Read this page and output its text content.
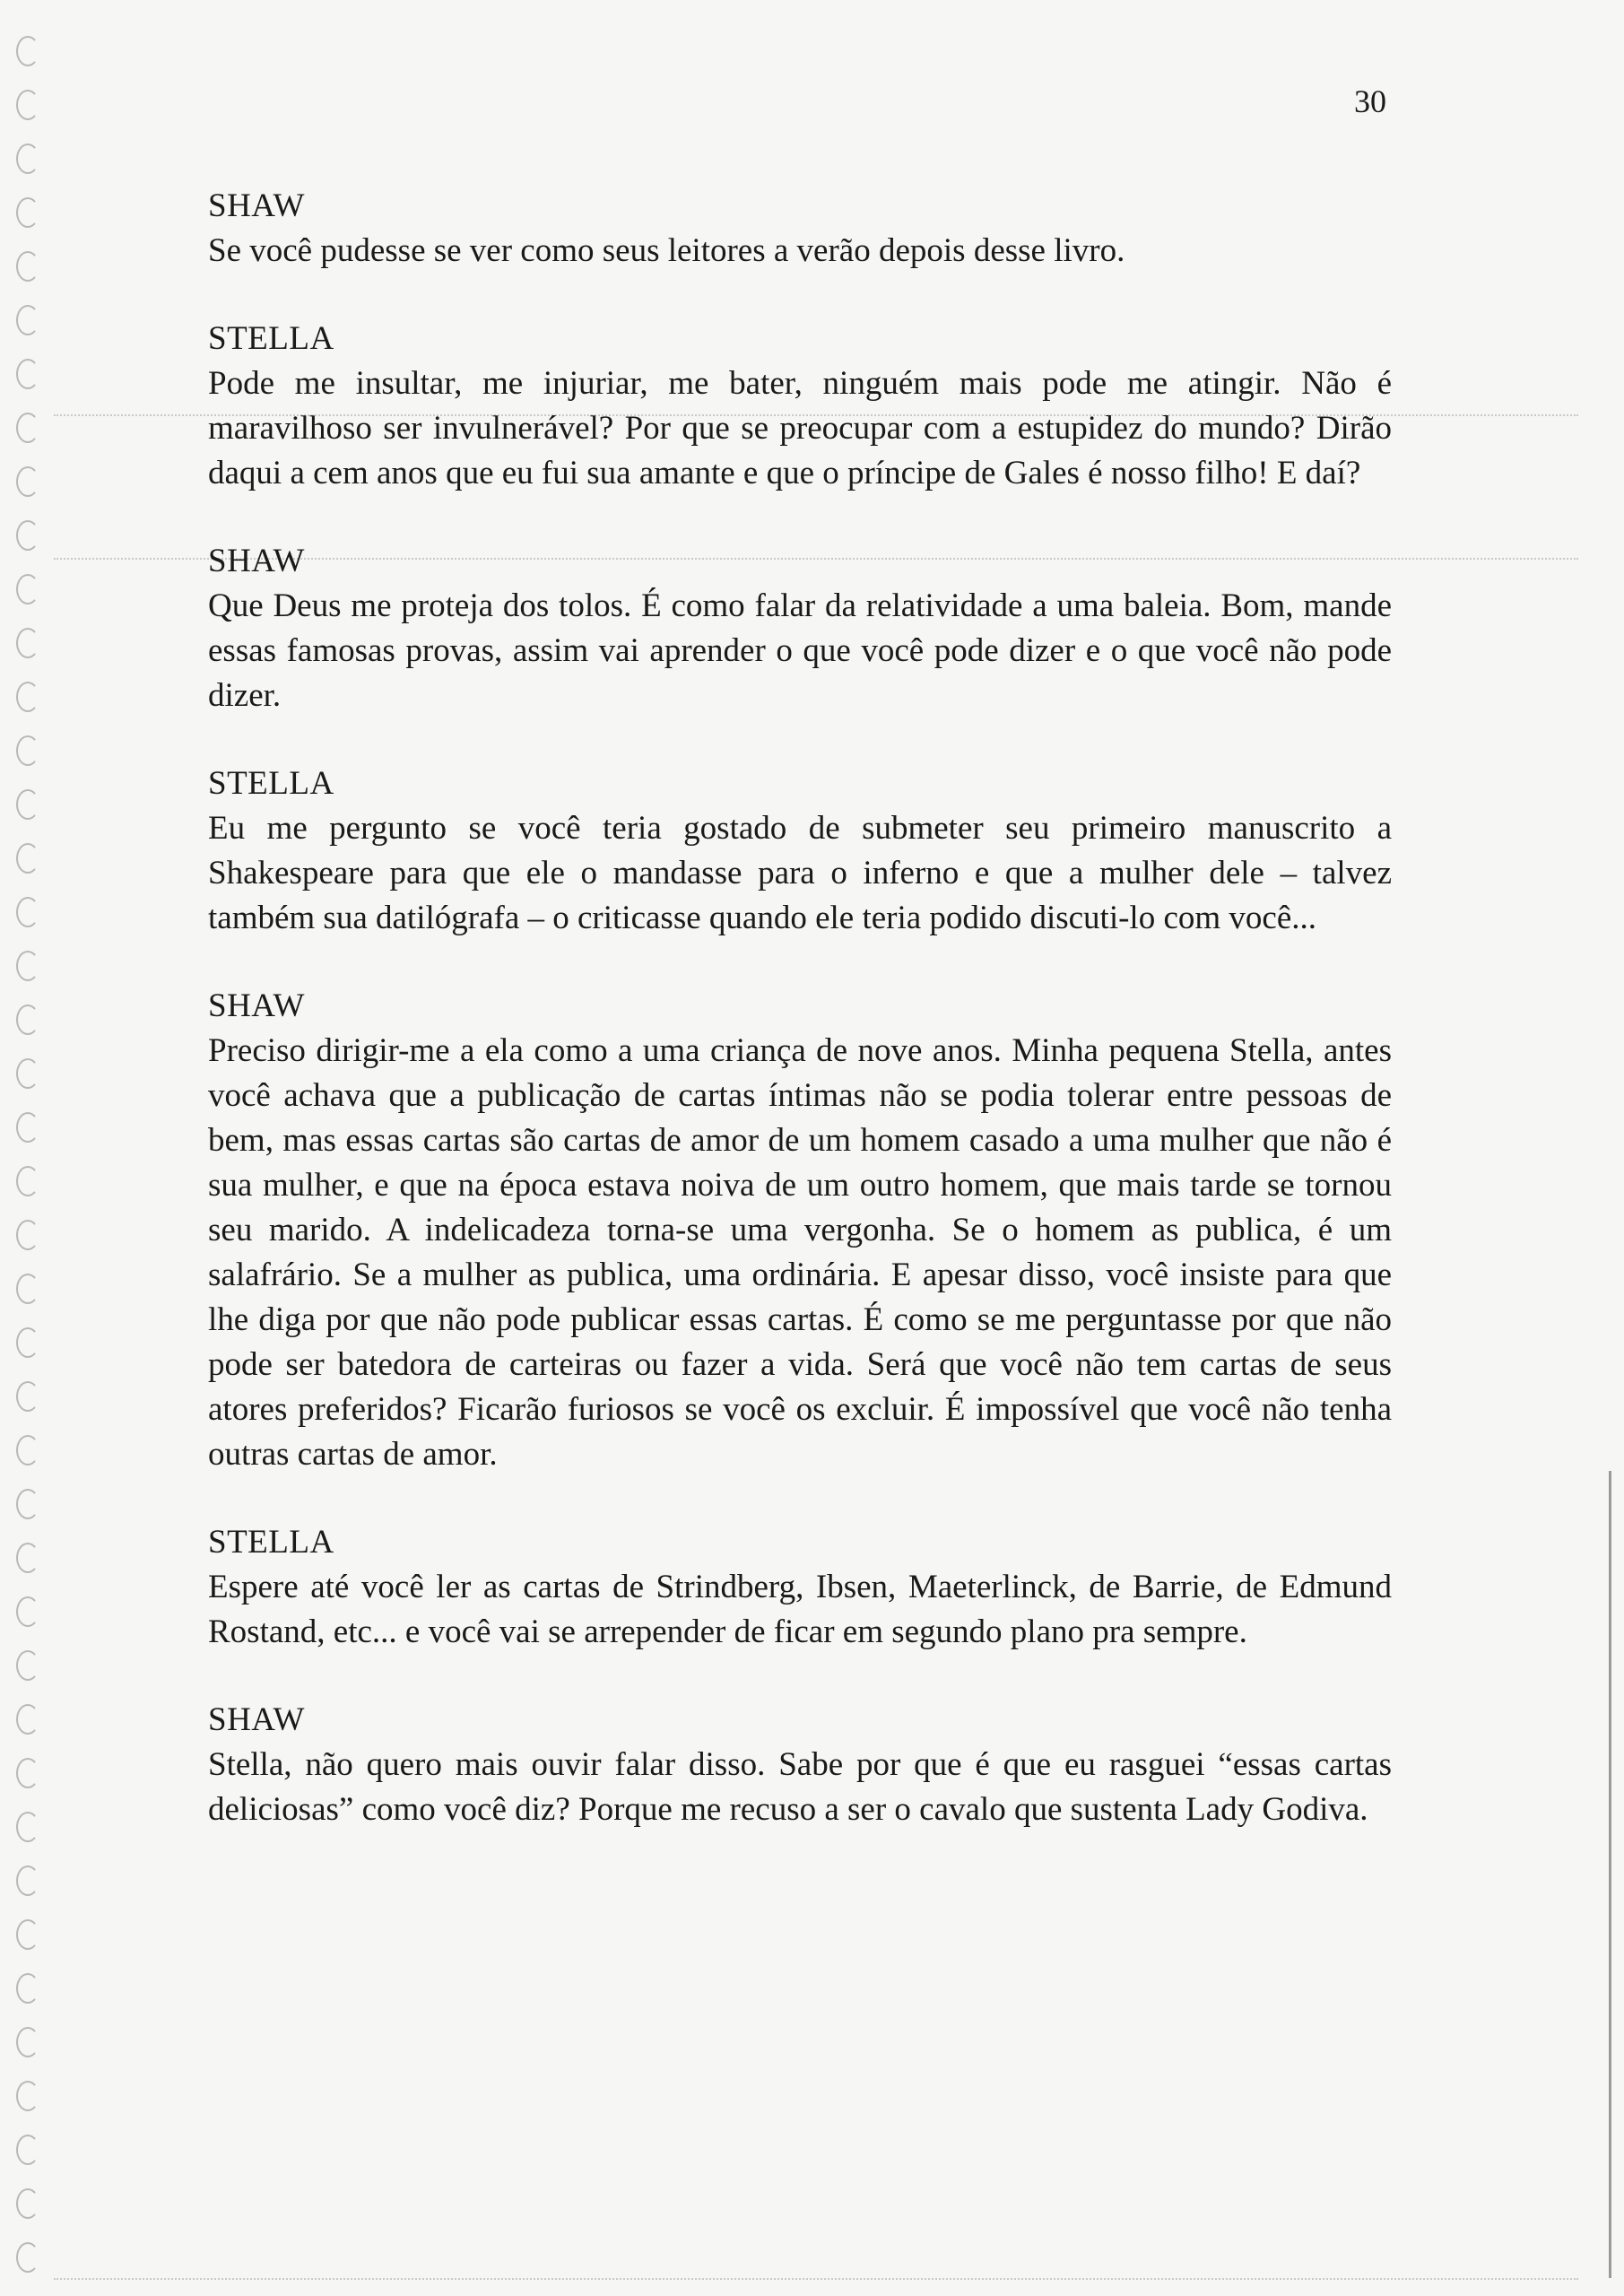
30
SHAW
Se você pudesse se ver como seus leitores a verão depois desse livro.
STELLA
Pode me insultar, me injuriar, me bater, ninguém mais pode me atingir. Não é maravilhoso ser invulnerável? Por que se preocupar com a estupidez do mundo? Dirão daqui a cem anos que eu fui sua amante e que o príncipe de Gales é nosso filho! E daí?
SHAW
Que Deus me proteja dos tolos. É como falar da relatividade a uma baleia. Bom, mande essas famosas provas, assim vai aprender o que você pode dizer e o que você não pode dizer.
STELLA
Eu me pergunto se você teria gostado de submeter seu primeiro manuscrito a Shakespeare para que ele o mandasse para o inferno e que a mulher dele – talvez também sua datilógrafa – o criticasse quando ele teria podido discuti-lo com você...
SHAW
Preciso dirigir-me a ela como a uma criança de nove anos. Minha pequena Stella, antes você achava que a publicação de cartas íntimas não se podia tolerar entre pessoas de bem, mas essas cartas são cartas de amor de um homem casado a uma mulher que não é sua mulher, e que na época estava noiva de um outro homem, que mais tarde se tornou seu marido. A indelicadeza torna-se uma vergonha. Se o homem as publica, é um salafrário. Se a mulher as publica, uma ordinária. E apesar disso, você insiste para que lhe diga por que não pode publicar essas cartas. É como se me perguntasse por que não pode ser batedora de carteiras ou fazer a vida. Será que você não tem cartas de seus atores preferidos? Ficarão furiosos se você os excluir. É impossível que você não tenha outras cartas de amor.
STELLA
Espere até você ler as cartas de Strindberg, Ibsen, Maeterlinck, de Barrie, de Edmund Rostand, etc... e você vai se arrepender de ficar em segundo plano pra sempre.
SHAW
Stella, não quero mais ouvir falar disso. Sabe por que é que eu rasguei “essas cartas deliciosas” como você diz? Porque me recuso a ser o cavalo que sustenta Lady Godiva.
